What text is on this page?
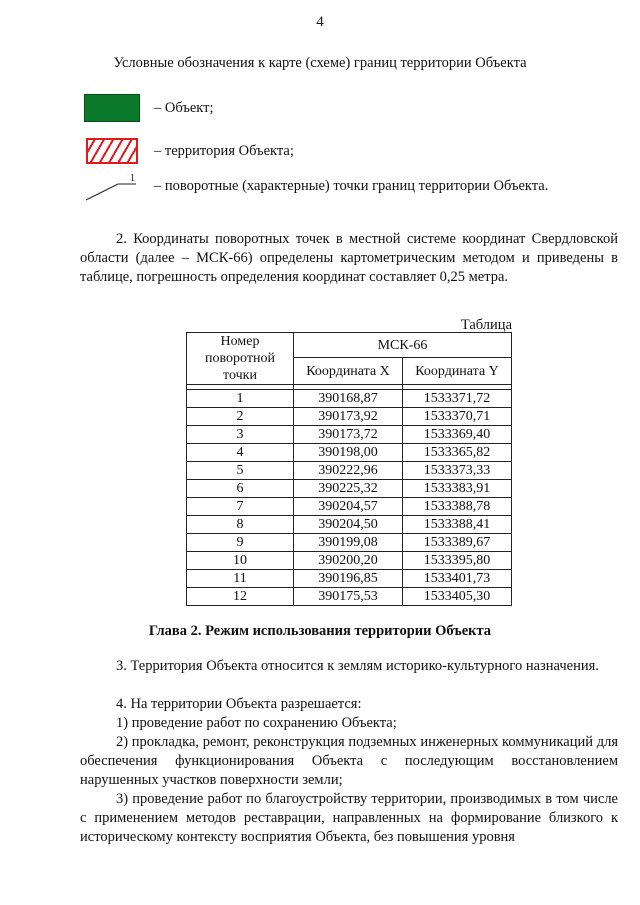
4
Условные обозначения к карте (схеме) границ территории Объекта
– Объект;
– территория Объекта;
1 – поворотные (характерные) точки границ территории Объекта.
2. Координаты поворотных точек в местной системе координат Свердловской области (далее – МСК-66) определены картометрическим методом и приведены в таблице, погрешность определения координат составляет 0,25 метра.
Таблица
Номер поворотной точки	МСК-66	
	Координата X	Координата Y

1	390168,87	1533371,72
2	390173,92	1533370,71
3	390173,72	1533369,40
4	390198,00	1533365,82
5	390222,96	1533373,33
6	390225,32	1533383,91
7	390204,57	1533388,78
8	390204,50	1533388,41
9	390199,08	1533389,67
10	390200,20	1533395,80
11	390196,85	1533401,73
12	390175,53	1533405,30
Глава 2. Режим использования территории Объекта
3. Территория Объекта относится к землям историко-культурного назначения.
4. На территории Объекта разрешается:
1) проведение работ по сохранению Объекта;
2) прокладка, ремонт, реконструкция подземных инженерных коммуникаций для обеспечения функционирования Объекта с последующим восстановлением нарушенных участков поверхности земли;
3) проведение работ по благоустройству территории, производимых в том числе с применением методов реставрации, направленных на формирование близкого к историческому контексту восприятия Объекта, без повышения уровня
